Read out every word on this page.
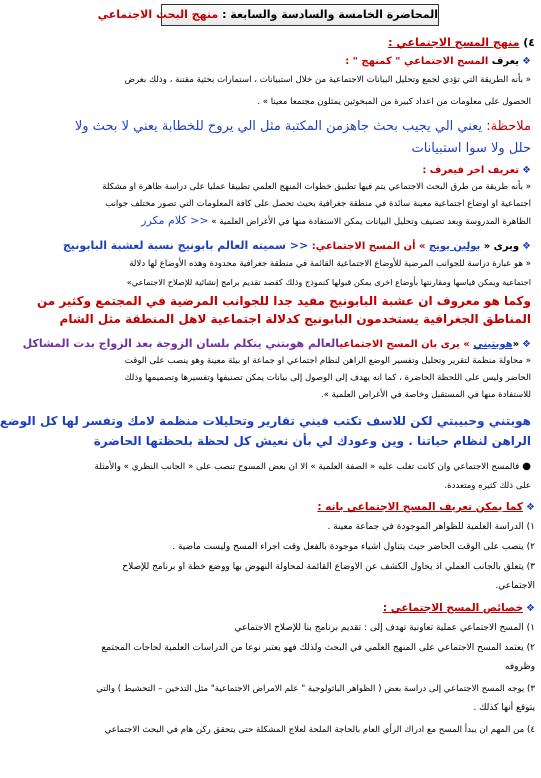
المحاضرة الخامسة والسادسة والسابعة : منهج البحث الاجتماعي
٤) منهج المسح الاجتماعي :
❖يعرف المسح الاجتماعي " كمنهج " :
« بأنه الطريقة التي تؤدي لجمع وتحليل البيانات الاجتماعية من خلال استبيانات ، استمارات بحثية مقننة ، وذلك بغرض
الحصول على معلومات من اعداد كبيرة من المبحوثين يمثلون مجتمعا معينا » .
ملاحظة: يعني الي يجيب بحث جاهزمن المكتبة مثل الي يروح للخطابة يعني لا بحث ولا
حلل ولا سوا استبيانات
❖تعريف اخر فيعرف :
« بأنه طريقة من طرق البحث الاجتماعي يتم فيها تطبيق خطوات المنهج العلمي تطبيقا عمليا على دراسة ظاهرة او مشكلة
اجتماعية او اوضاع اجتماعية معينة سائدة في منطقة جغرافية بحيث تحصل على كافة المعلومات التي تصور مختلف جوانب
الظاهرة المدروسة وبعد تصنيف وتحليل البيانات يمكن الاستفادة منها في الأغراض العلمية » << كلام مكرر
❖ويرى « بولين يونج » أن المسح الاجتماعي: << سميته العالم بابونيج نسبة لعشبة البابونيج
« هو عبارة دراسة للجوانب المرضية للأوضاع الاجتماعية القائمة في منطقة جغرافية محدودة وهذه الأوضاع لها دلالة
اجتماعية ويمكن قياسها ومقارنتها بأوضاع اخرى يمكن قبولها كنموذج وذلك كقصد تقديم برامج إنشائية للإصلاح الاجتماعي»
وكما هو معروف ان عشبة البابونيج مفيد جدا للجوانب المرضية في المجتمع وكثير من
المناطق الجغرافية يستخدمون البابونيج كدلالة اجتماعية لاهل المنطقة مثل الشام
❖«هوبتيني » يرى بان المسح الاجتماعيالعالم هوبتني يتكلم بلسان الزوجة بعد الزواج بدت المشاكل
« محاولة منظمة لتقرير وتحليل وتفسير الوضع الراهن لنظام اجتماعي او جماعة او بيئة معينة وهو ينصب على الوقت
الحاضر وليس على اللحظة الحاضرة ، كما انه يهدف إلى الوصول إلى بيانات يمكن تصنيفها وتفسيرها وتصميمها وذلك
للاستفادة منها في المستقبل وخاصة في الأغراض العلمية ».
هوبتني وحبيبتي لكن للاسف تكتب فيني تقارير وتحليلات منظمة لامك وتفسر لها كل الوضع
الراهن لنظام حياتنا . وين وعودك لي بأن نعيش كل لحظة بلحظتها الحاضرة
●فالمسح الاجتماعي وان كانت تغلب عليه « الصفة العلمية » الا ان بعض المسوح تنصب على « الجانب النظري » والأمثلة
على ذلك كثيره ومتعددة.
❖كما يمكن تعريف المسح الاجتماعي بانه :
١) الدراسة العلمية للظواهر الموجودة في جماعة معينة .
٢) ينصب على الوقت الحاضر حيث يتناول اشياء موجودة بالفعل وقت اجراء المسح وليست ماضية .
٣) يتعلق بالجانب العملي اذ يحاول الكشف عن الاوضاع القائمة لمحاولة النهوض بها ووضع خطة او برنامج للإصلاح
الاجتماعي.
❖خصائص المسح الاجتماعي :
١) المسح الاجتماعي عملية تعاونية تهدف إلى : تقديم برنامج بنا للإصلاح الاجتماعي
٢) يعتمد المسح الاجتماعي على المنهج العلمي في البحث ولذلك فهو يعتبر نوعا من الدراسات العلمية لحاجات المجتمع
وظروفه
٣) يوجه المسح الاجتماعي إلى دراسة بعض ( الظواهر الباثولوجية " علم الامراض الاجتماعية" مثل التدخين – التحشيط ) والتي
يتوقع أنها كذلك .
٤) من المهم ان يبدأ المسح مع ادراك الرأي العام بالحاجة الملحة لعلاج المشكلة حتى يتحقق ركن هام في البحث الاجتماعي
